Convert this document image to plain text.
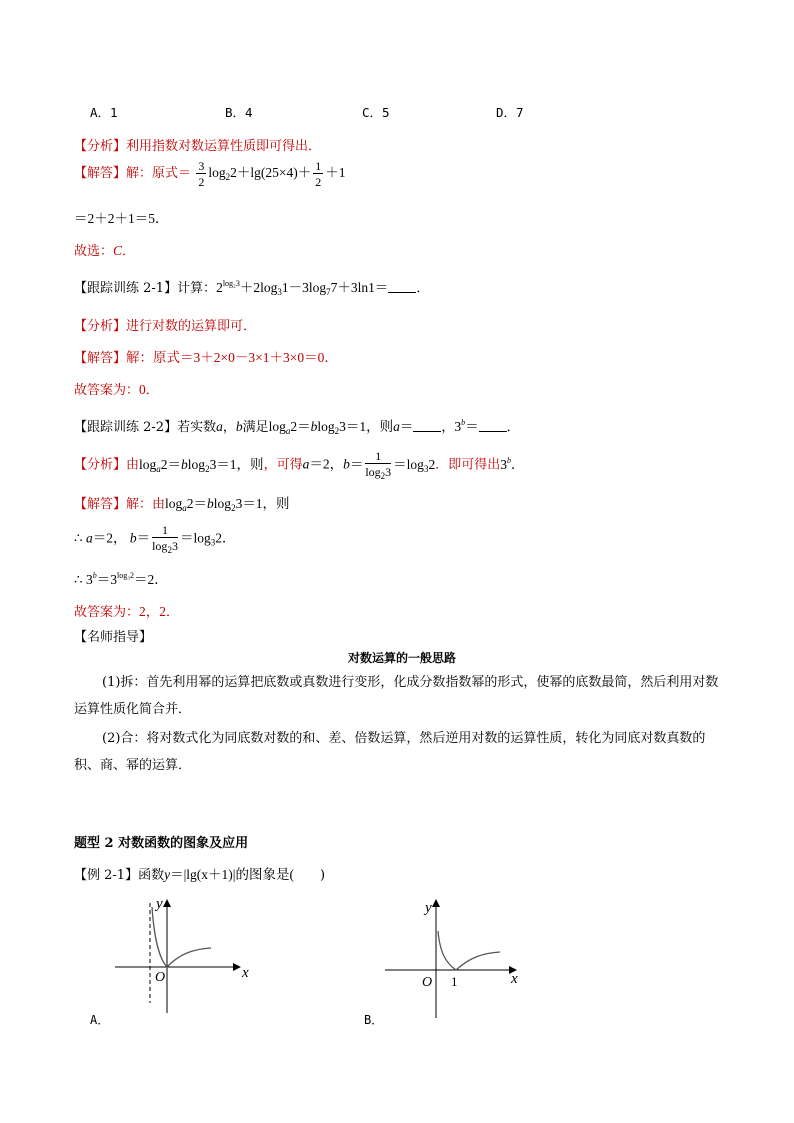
A．1	B．4	C．5	D．7
【分析】利用指数对数运算性质即可得出．
【解答】解：原式＝ $\frac{3}{2} \log_22+\lg(25\times 4)+ \frac{1}{2} +1$
＝2＋2＋1＝5．
故选：C．
【跟踪训练 2-1】计算：$2^{log_23}+2\log_31-3\log_77+3\ln 1=$ ．
【分析】进行对数的运算即可．
【解答】解：原式＝3＋2×0－3×1＋3×0＝0．
故答案为：0．
【跟踪训练 2-2】若实数a，b满足$\log_a2=blog_23=1$，则a＝ ，$3^b=$ ．
【分析】由$\log_a2=blog_23=1$，则，可得a＝2，$b= \frac{1}{\log_23} =\log_32$．即可得出3$^b$．
【解答】解：由$\log_a2=blog_23=1$，则
∴ a＝2， $b= \frac{1}{\log_23} =\log_32$．
∴ $3^b=3^{log_32}=2$．
故答案为：2，2．
【名师指导】
对数运算的一般思路
(1)拆：首先利用幂的运算把底数或真数进行变形，化成分数指数幂的形式，使幂的底数最简，然后利用对数运算性质化简合并．
(2)合：将对数式化为同底数对数的和、差、倍数运算，然后逆用对数的运算性质，转化为同底对数真数的积、商、幂的运算．
题型 2 对数函数的图象及应用
【例 2-1】函数y＝|lg(x＋1)|的图象是(　　)
y
x
O
A．
y
x
O 1
B．
